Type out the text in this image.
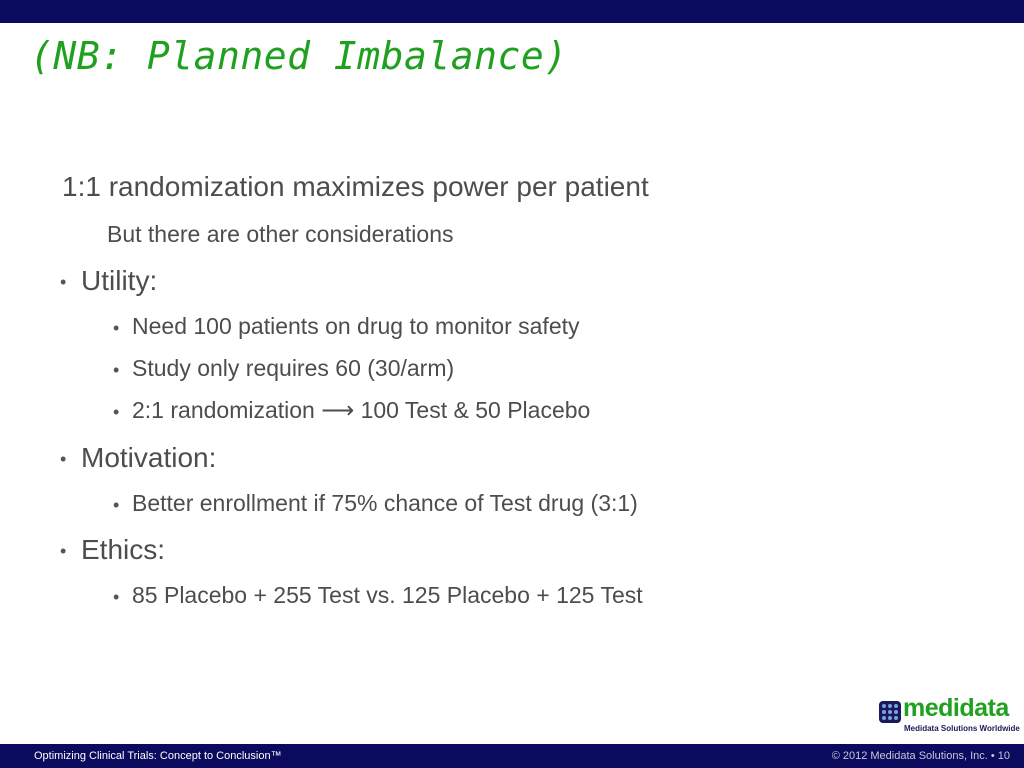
(NB: Planned Imbalance)
1:1 randomization maximizes power per patient
But there are other considerations
• Utility:
• Need 100 patients on drug to monitor safety
• Study only requires 60 (30/arm)
• 2:1 randomization ⟶ 100 Test & 50 Placebo
• Motivation:
• Better enrollment if 75% chance of Test drug (3:1)
• Ethics:
• 85 Placebo + 255 Test vs. 125 Placebo + 125 Test
medidata
Medidata Solutions Worldwide
Optimizing Clinical Trials: Concept to Conclusion™	© 2012 Medidata Solutions, Inc. • 10
